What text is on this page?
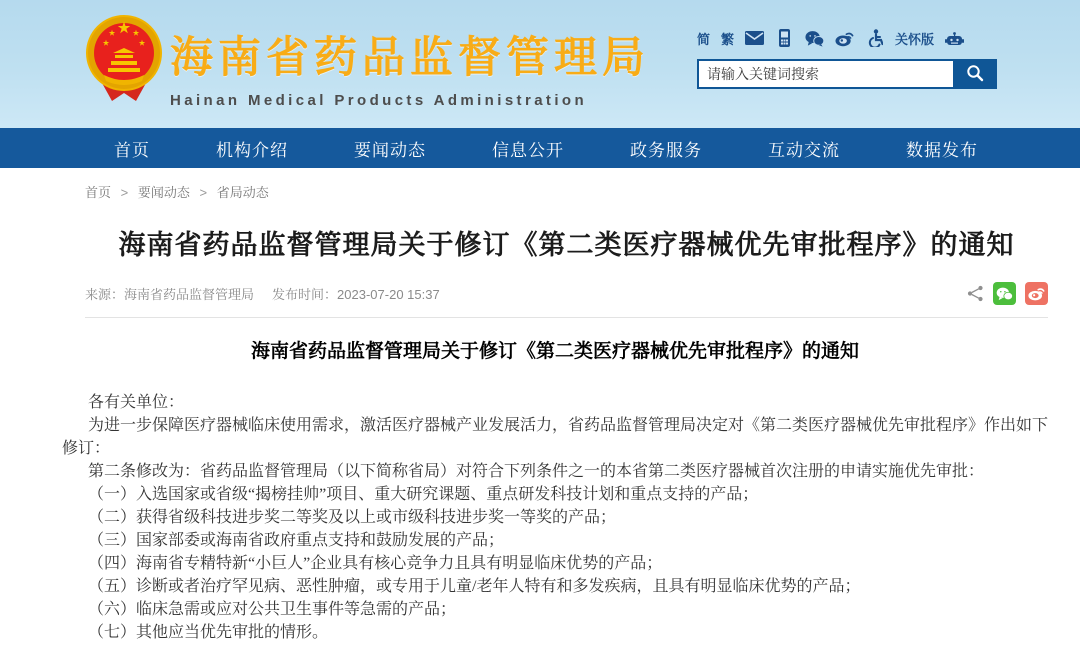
海南省药品监督管理局
Hainan Medical Products Administration
简 繁	关怀版
请输入关键词搜索
首页	机构介绍	要闻动态	信息公开	政务服务	互动交流	数据发布
首页 > 要闻动态 > 省局动态
海南省药品监督管理局关于修订《第二类医疗器械优先审批程序》的通知
来源：海南省药品监督管理局 发布时间：2023-07-20 15:37
海南省药品监督管理局关于修订《第二类医疗器械优先审批程序》的通知

各有关单位：

为进一步保障医疗器械临床使用需求，激活医疗器械产业发展活力，省药品监督管理局决定对《第二类医疗器械优先审批程序》作出如下修订：

第二条修改为：省药品监督管理局（以下简称省局）对符合下列条件之一的本省第二类医疗器械首次注册的申请实施优先审批：

（一）入选国家或省级“揭榜挂帅”项目、重大研究课题、重点研发科技计划和重点支持的产品；

（二）获得省级科技进步奖二等奖及以上或市级科技进步奖一等奖的产品；

（三）国家部委或海南省政府重点支持和鼓励发展的产品；

（四）海南省专精特新“小巨人”企业具有核心竞争力且具有明显临床优势的产品；

（五）诊断或者治疗罕见病、恶性肿瘤，或专用于儿童/老年人特有和多发疾病，且具有明显临床优势的产品；

（六）临床急需或应对公共卫生事件等急需的产品；

（七）其他应当优先审批的情形。
